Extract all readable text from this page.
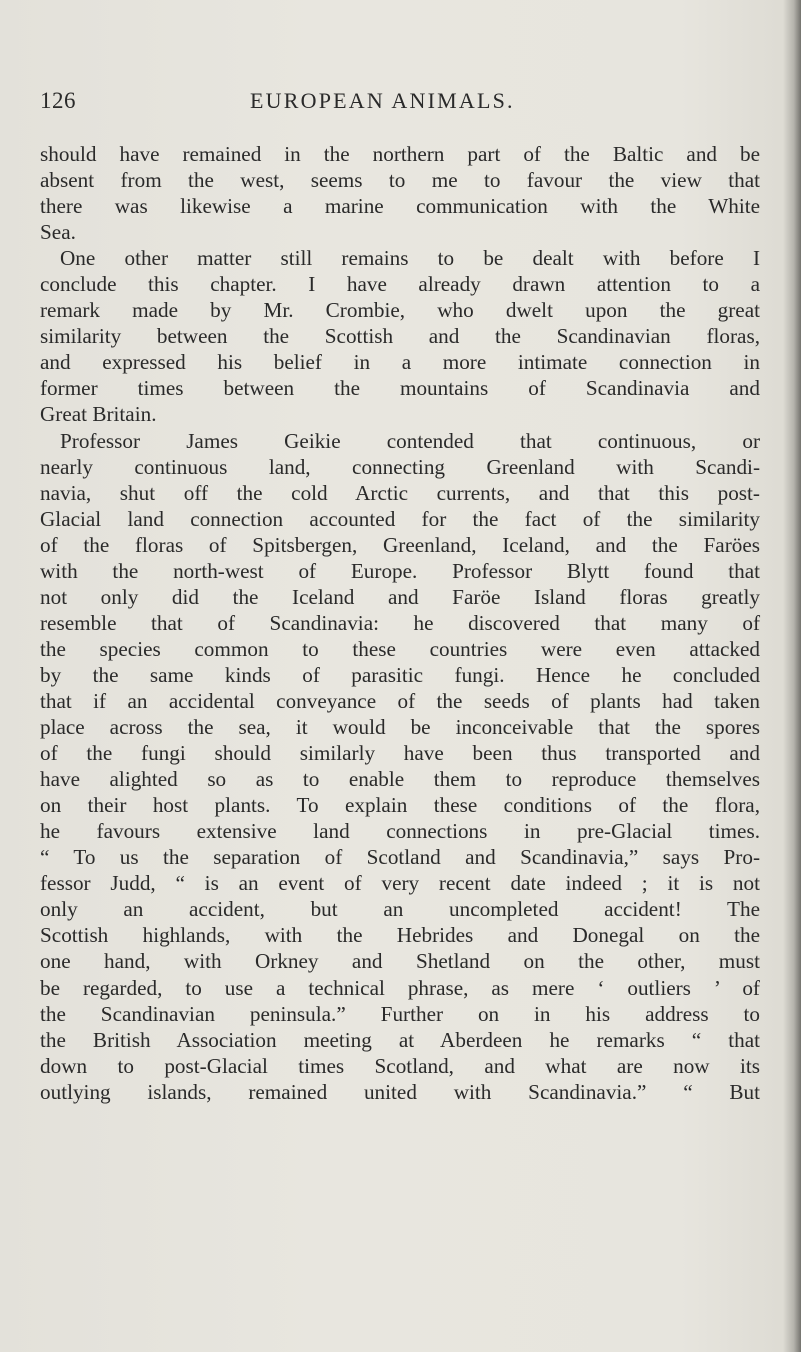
126	EUROPEAN ANIMALS.
should have remained in the northern part of the Baltic and be
absent from the west, seems to me to favour the view that
there was likewise a marine communication with the White
Sea.
One other matter still remains to be dealt with before I
conclude this chapter. I have already drawn attention to a
remark made by Mr. Crombie, who dwelt upon the great
similarity between the Scottish and the Scandinavian floras,
and expressed his belief in a more intimate connection in
former times between the mountains of Scandinavia and
Great Britain.
Professor James Geikie contended that continuous, or
nearly continuous land, connecting Greenland with Scandi-
navia, shut off the cold Arctic currents, and that this post-
Glacial land connection accounted for the fact of the similarity
of the floras of Spitsbergen, Greenland, Iceland, and the Faröes
with the north-west of Europe. Professor Blytt found that
not only did the Iceland and Faröe Island floras greatly
resemble that of Scandinavia: he discovered that many of
the species common to these countries were even attacked
by the same kinds of parasitic fungi. Hence he concluded
that if an accidental conveyance of the seeds of plants had taken
place across the sea, it would be inconceivable that the spores
of the fungi should similarly have been thus transported and
have alighted so as to enable them to reproduce themselves
on their host plants. To explain these conditions of the flora,
he favours extensive land connections in pre-Glacial times.
“ To us the separation of Scotland and Scandinavia,” says Pro-
fessor Judd, “ is an event of very recent date indeed ; it is not
only an accident, but an uncompleted accident! The
Scottish highlands, with the Hebrides and Donegal on the
one hand, with Orkney and Shetland on the other, must
be regarded, to use a technical phrase, as mere ‘ outliers ’ of
the Scandinavian peninsula.” Further on in his address to
the British Association meeting at Aberdeen he remarks “ that
down to post-Glacial times Scotland, and what are now its
outlying islands, remained united with Scandinavia.” “ But
